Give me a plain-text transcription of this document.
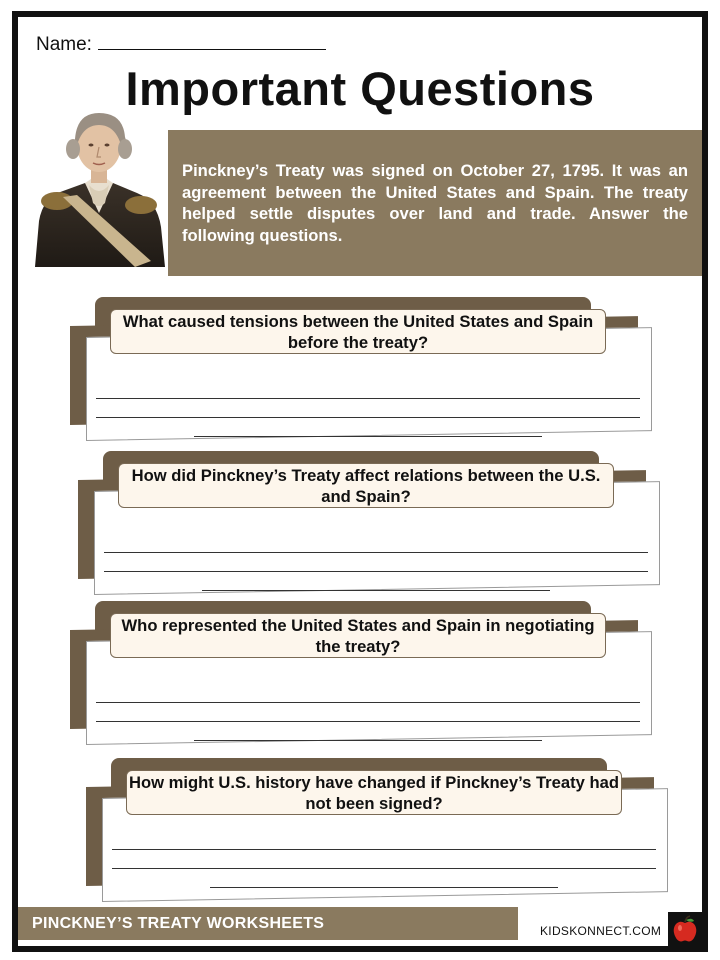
Name:
Important Questions
Pinckney’s Treaty was signed on October 27, 1795. It was an agreement between the United States and Spain. The treaty helped settle disputes over land and trade. Answer the following questions.
What caused tensions between the United States and Spain before the treaty?
How did Pinckney’s Treaty affect relations between the U.S. and Spain?
Who represented the United States and Spain in negotiating the treaty?
How might U.S. history have changed if Pinckney’s Treaty had not been signed?
PINCKNEY’S TREATY WORKSHEETS	KIDSKONNECT.COM
